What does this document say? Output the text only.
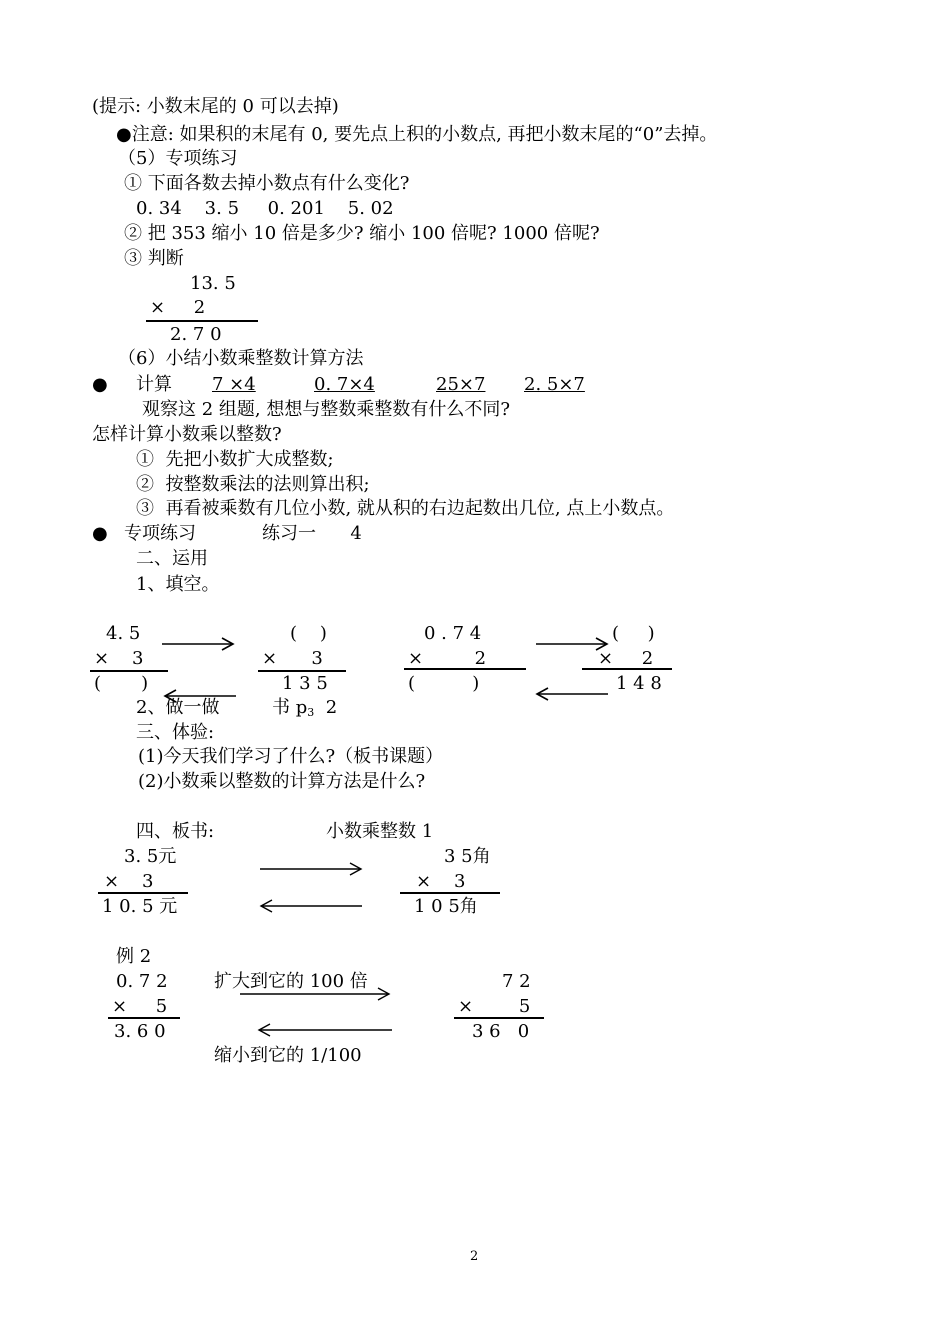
(提示: 小数末尾的 0 可以去掉)
●注意: 如果积的末尾有 0, 要先点上积的小数点, 再把小数末尾的“0”去掉。
（5）专项练习
① 下面各数去掉小数点有什么变化?
0. 34    3. 5     0. 201    5. 02
② 把 353 缩小 10 倍是多少? 缩小 100 倍呢? 1000 倍呢?
③ 判断
13. 5
×     2
2. 7 0
（6）小结小数乘整数计算方法
● 计算 7 ×4	0. 7×4	25×7 2. 5×7
观察这 2 组题, 想想与整数乘整数有什么不同?
怎样计算小数乘以整数?
①  先把小数扩大成整数;
②  按整数乘法的法则算出积;
③  再看被乘数有几位小数, 就从积的右边起数出几位, 点上小数点。
● 专项练习	练习一      4
二、运用
1、填空。
4. 5
×    3
(       )
(    )
×      3
1 3 5
0 . 7 4
×         2
(          )
(     )
×     2
1 4 8
2、做一做	书 $p_3$ 2
三、体验:
(1)今天我们学习了什么?（板书课题）
(2)小数乘以整数的计算方法是什么?
四、板书:	小数乘整数 1
3. 5元
×    3
1 0. 5 元
3 5角
×    3
1 0 5角
例 2
0. 7 2
×     5
3. 6 0
扩大到它的 100 倍
缩小到它的 1/100
7 2
×        5
3 6   0
2
